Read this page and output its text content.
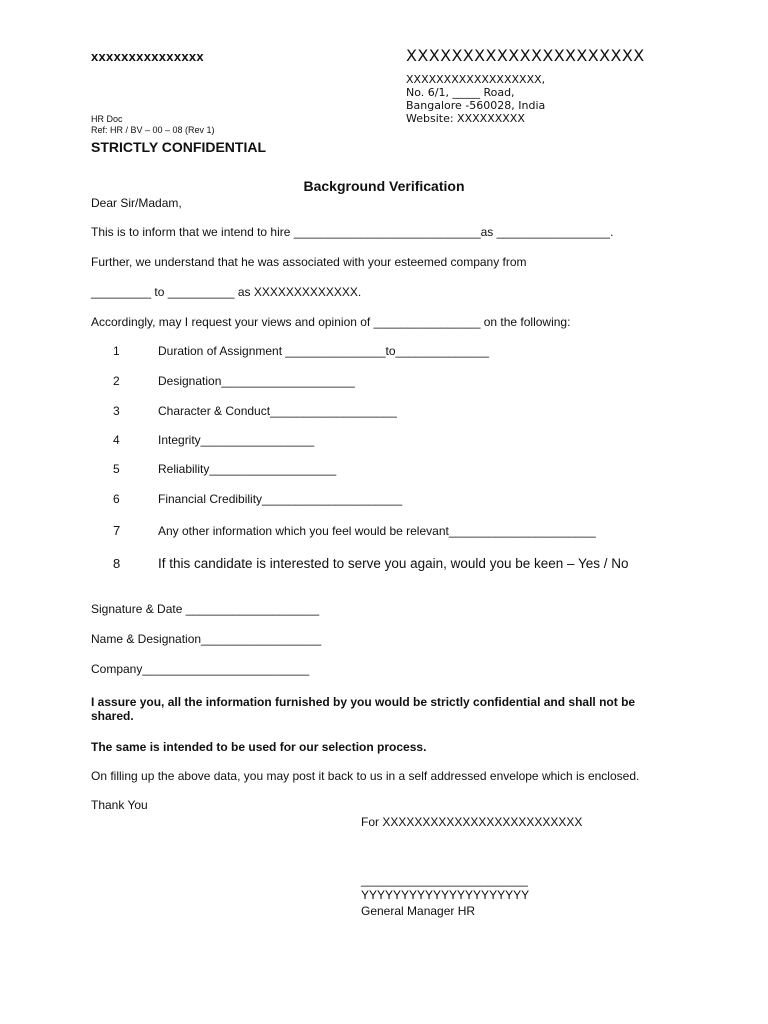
xxxxxxxxxxxxxxx	XXXXXXXXXXXXXXXXXXXXX
XXXXXXXXXXXXXXXXXX,
No. 6/1, _____ Road,
Bangalore -560028, India
Website: XXXXXXXXX
HR Doc
Ref: HR / BV – 00 – 08 (Rev 1)
STRICTLY CONFIDENTIAL
Background Verification
Dear Sir/Madam,
This is to inform that we intend to hire ____________________________as _________________.
Further, we understand that he was associated with your esteemed company from
_________ to __________ as XXXXXXXXXXXXX.
Accordingly, may I request your views and opinion of ________________ on the following:
1	Duration of Assignment _______________to______________
2	Designation____________________
3	Character & Conduct___________________
4	Integrity_________________
5	Reliability___________________
6	Financial Credibility_____________________
7	Any other information which you feel would be relevant______________________
8	If this candidate is interested to serve you again, would you be keen – Yes / No
Signature & Date ____________________
Name & Designation__________________
Company_________________________
I assure you, all the information furnished by you would be strictly confidential and shall not be shared.
The same is intended to be used for our selection process.
On filling up the above data, you may post it back to us in a self addressed envelope which is enclosed.
Thank You
For XXXXXXXXXXXXXXXXXXXXXXXXX
_________________________
YYYYYYYYYYYYYYYYYYYYY
General Manager HR
